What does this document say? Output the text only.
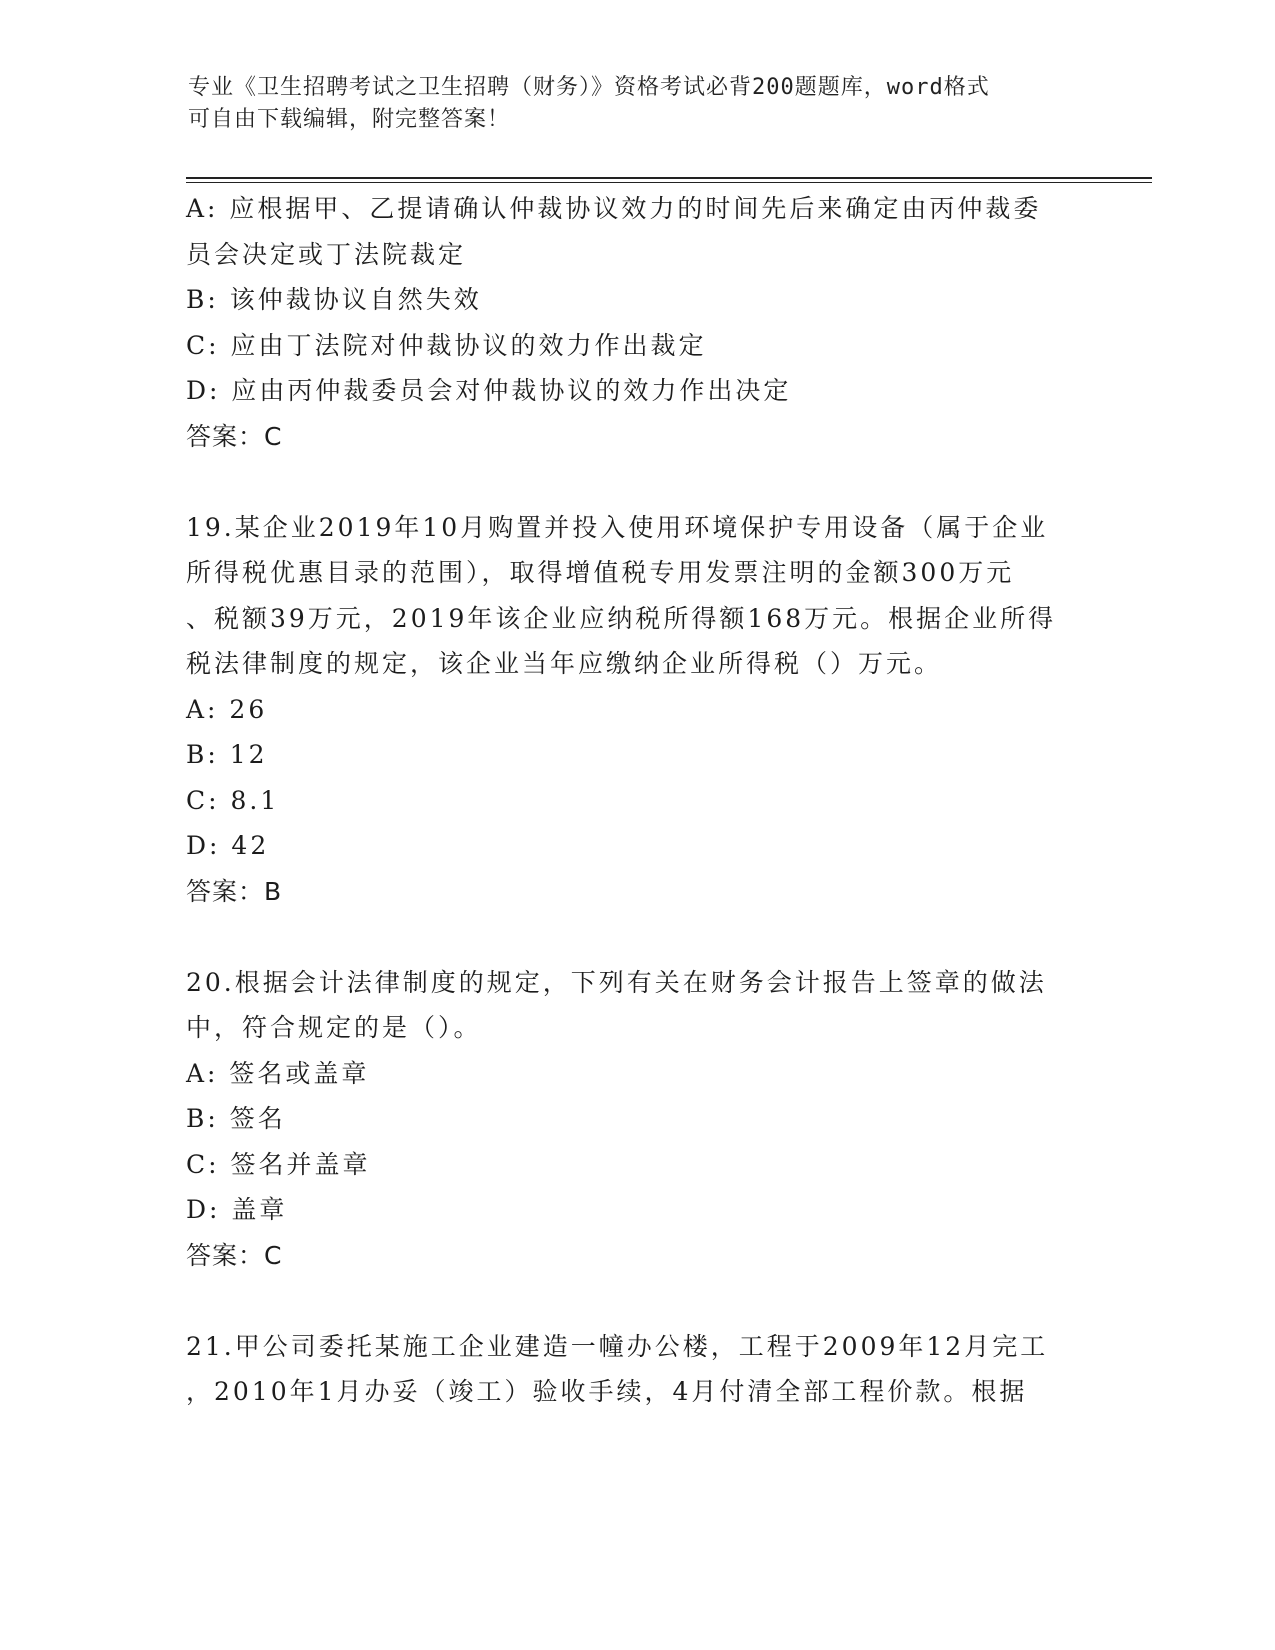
专业《卫生招聘考试之卫生招聘（财务）》资格考试必背200题题库，word格式
可自由下载编辑，附完整答案！
A: 应根据甲、乙提请确认仲裁协议效力的时间先后来确定由丙仲裁委
员会决定或丁法院裁定
B: 该仲裁协议自然失效
C: 应由丁法院对仲裁协议的效力作出裁定
D: 应由丙仲裁委员会对仲裁协议的效力作出决定
答案：C
19.某企业2019年10月购置并投入使用环境保护专用设备（属于企业
所得税优惠目录的范围），取得增值税专用发票注明的金额300万元
、税额39万元，2019年该企业应纳税所得额168万元。根据企业所得
税法律制度的规定，该企业当年应缴纳企业所得税（）万元。
A: 26
B: 12
C: 8.1
D: 42
答案：B
20.根据会计法律制度的规定，下列有关在财务会计报告上签章的做法
中，符合规定的是（）。
A: 签名或盖章
B: 签名
C: 签名并盖章
D: 盖章
答案：C
21.甲公司委托某施工企业建造一幢办公楼，工程于2009年12月完工
，2010年1月办妥（竣工）验收手续，4月付清全部工程价款。根据
